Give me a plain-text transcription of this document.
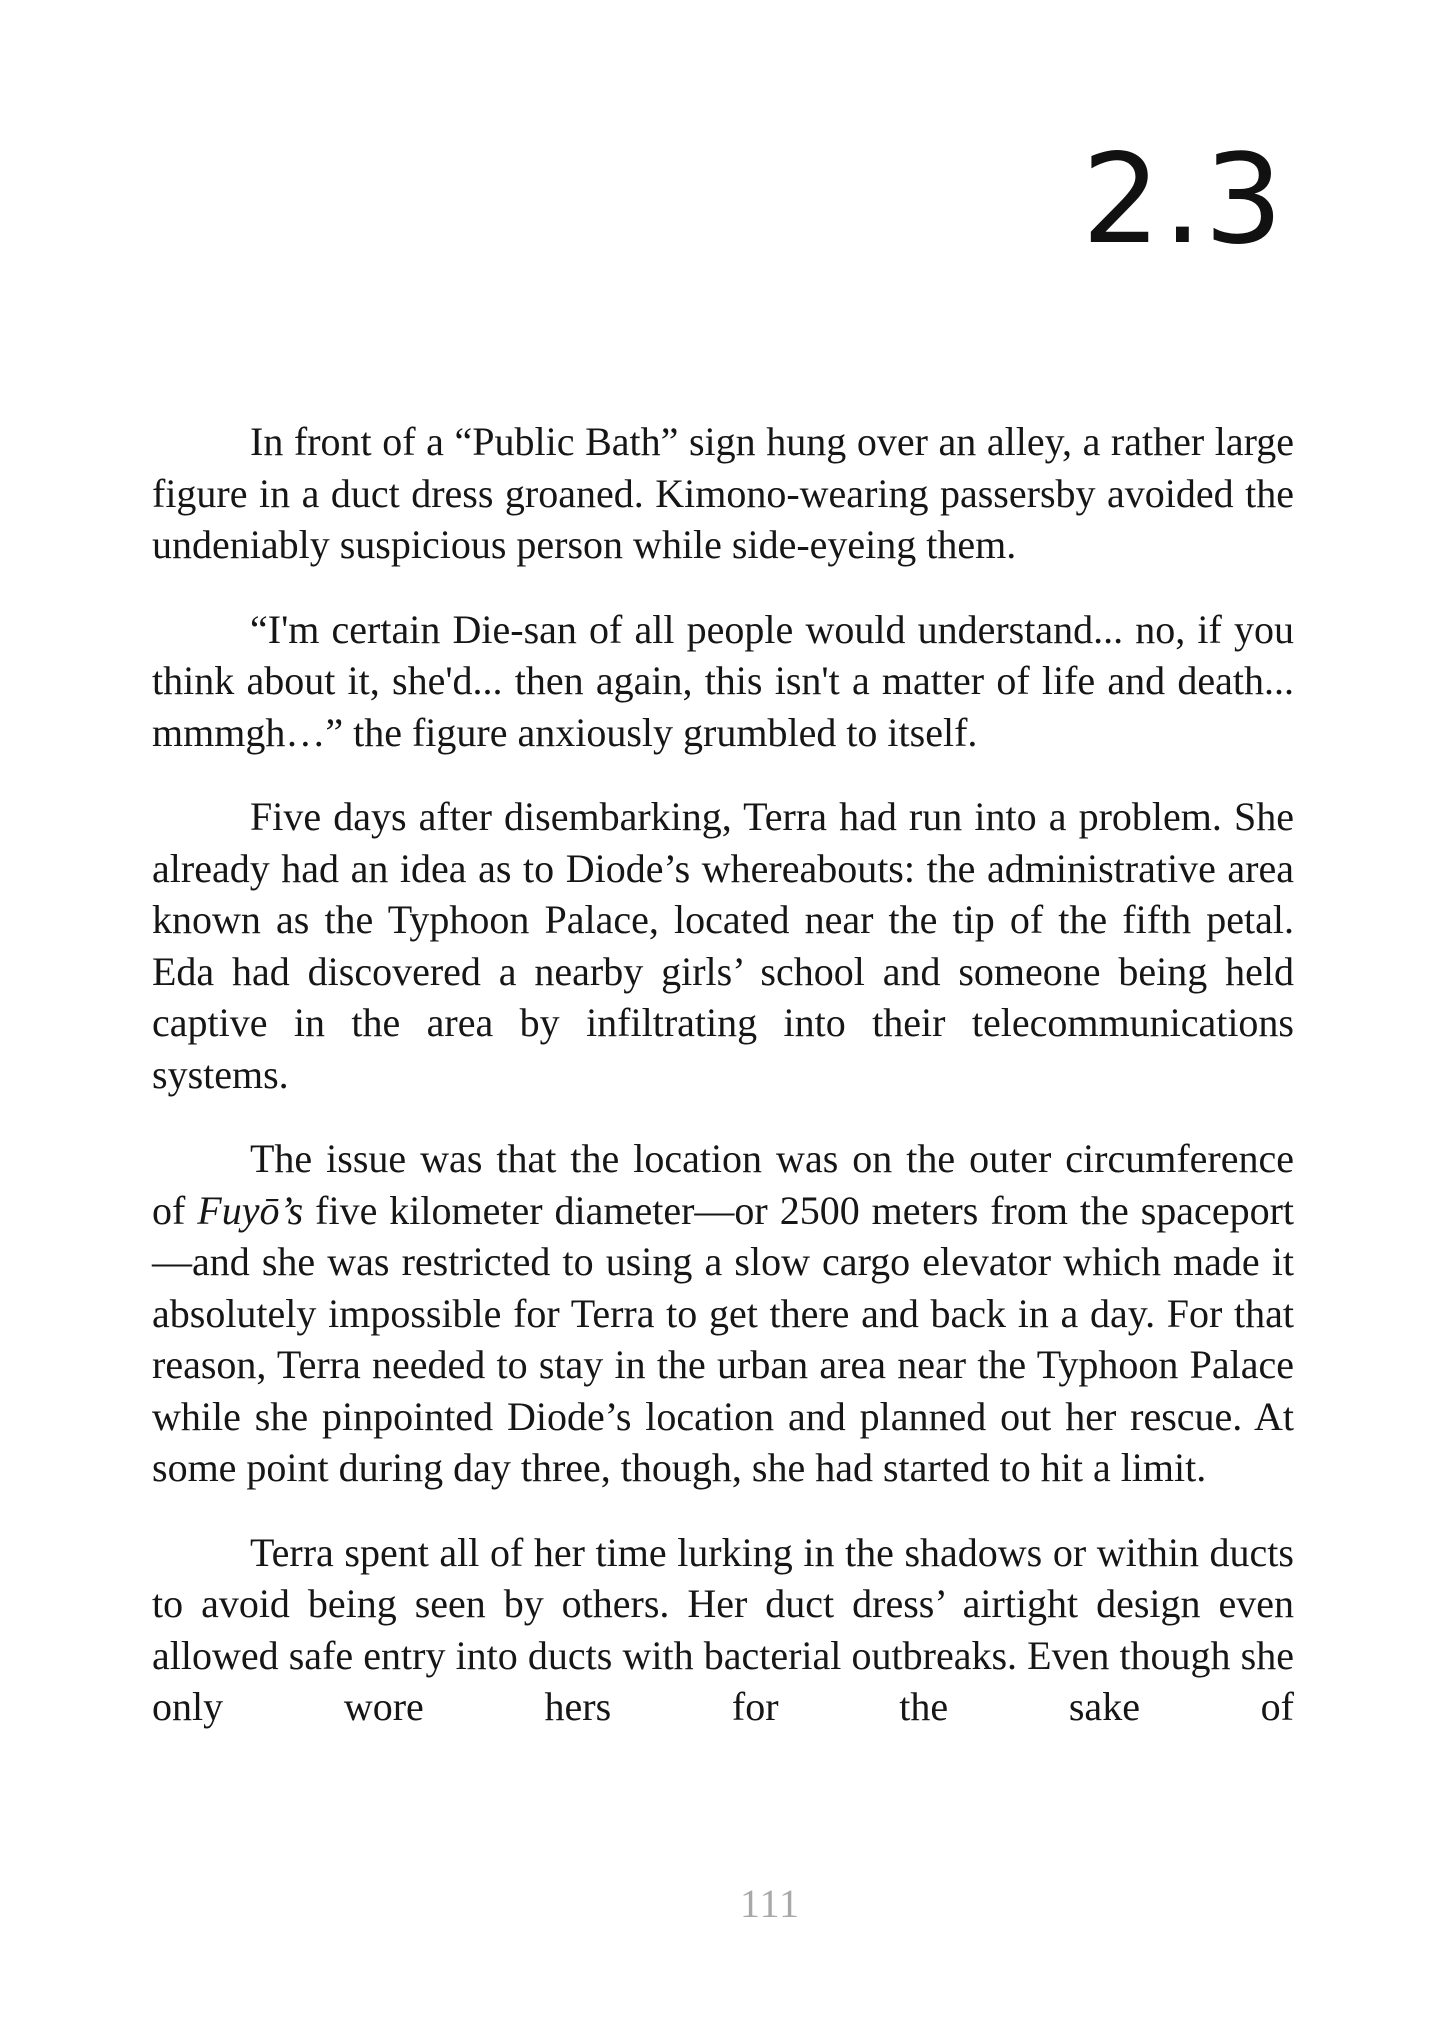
2.3

In front of a “Public Bath” sign hung over an alley, a rather large figure in a duct dress groaned. Kimono-wearing passersby avoided the undeniably suspicious person while side-eyeing them.

“I'm certain Die-san of all people would understand... no, if you think about it, she'd... then again, this isn't a matter of life and death... mmmgh…” the figure anxiously grumbled to itself.

Five days after disembarking, Terra had run into a problem. She already had an idea as to Diode’s whereabouts: the administrative area known as the Typhoon Palace, located near the tip of the fifth petal. Eda had discovered a nearby girls’ school and someone being held captive in the area by infiltrating into their telecommunications systems.

The issue was that the location was on the outer circumference of Fuyō’s five kilometer diameter—or 2500 meters from the spaceport—and she was restricted to using a slow cargo elevator which made it absolutely impossible for Terra to get there and back in a day. For that reason, Terra needed to stay in the urban area near the Typhoon Palace while she pinpointed Diode’s location and planned out her rescue. At some point during day three, though, she had started to hit a limit.

Terra spent all of her time lurking in the shadows or within ducts to avoid being seen by others. Her duct dress’ airtight design even allowed safe entry into ducts with bacterial outbreaks. Even though she only wore hers for the sake of

111
